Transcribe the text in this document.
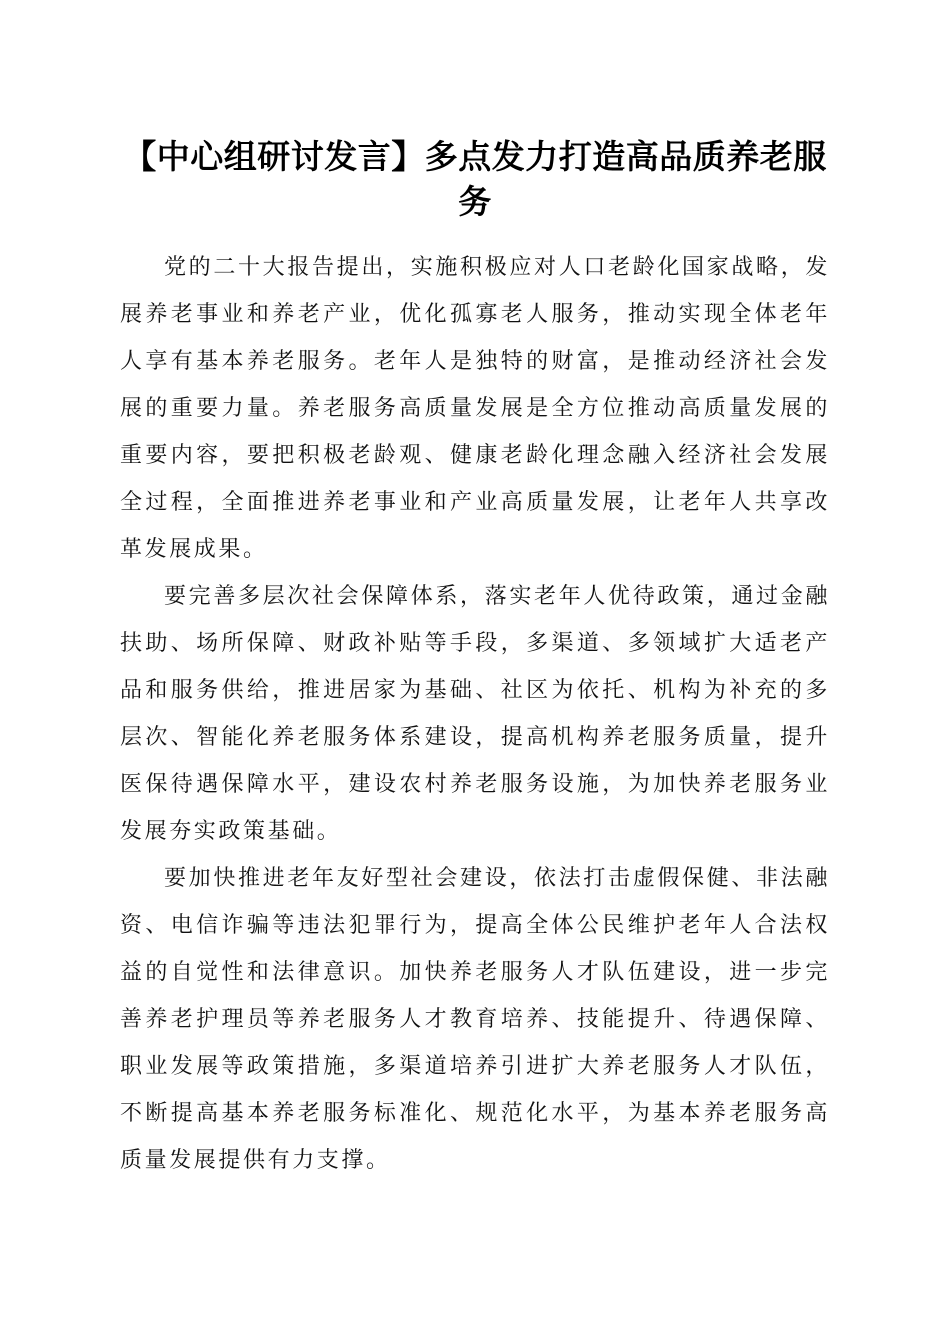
【中心组研讨发言】多点发力打造高品质养老服务

党的二十大报告提出，实施积极应对人口老龄化国家战略，发展养老事业和养老产业，优化孤寡老人服务，推动实现全体老年人享有基本养老服务。老年人是独特的财富，是推动经济社会发展的重要力量。养老服务高质量发展是全方位推动高质量发展的重要内容，要把积极老龄观、健康老龄化理念融入经济社会发展全过程，全面推进养老事业和产业高质量发展，让老年人共享改革发展成果。

要完善多层次社会保障体系，落实老年人优待政策，通过金融扶助、场所保障、财政补贴等手段，多渠道、多领域扩大适老产品和服务供给，推进居家为基础、社区为依托、机构为补充的多层次、智能化养老服务体系建设，提高机构养老服务质量，提升医保待遇保障水平，建设农村养老服务设施，为加快养老服务业发展夯实政策基础。

要加快推进老年友好型社会建设，依法打击虚假保健、非法融资、电信诈骗等违法犯罪行为，提高全体公民维护老年人合法权益的自觉性和法律意识。加快养老服务人才队伍建设，进一步完善养老护理员等养老服务人才教育培养、技能提升、待遇保障、职业发展等政策措施，多渠道培养引进扩大养老服务人才队伍，不断提高基本养老服务标准化、规范化水平，为基本养老服务高质量发展提供有力支撑。
